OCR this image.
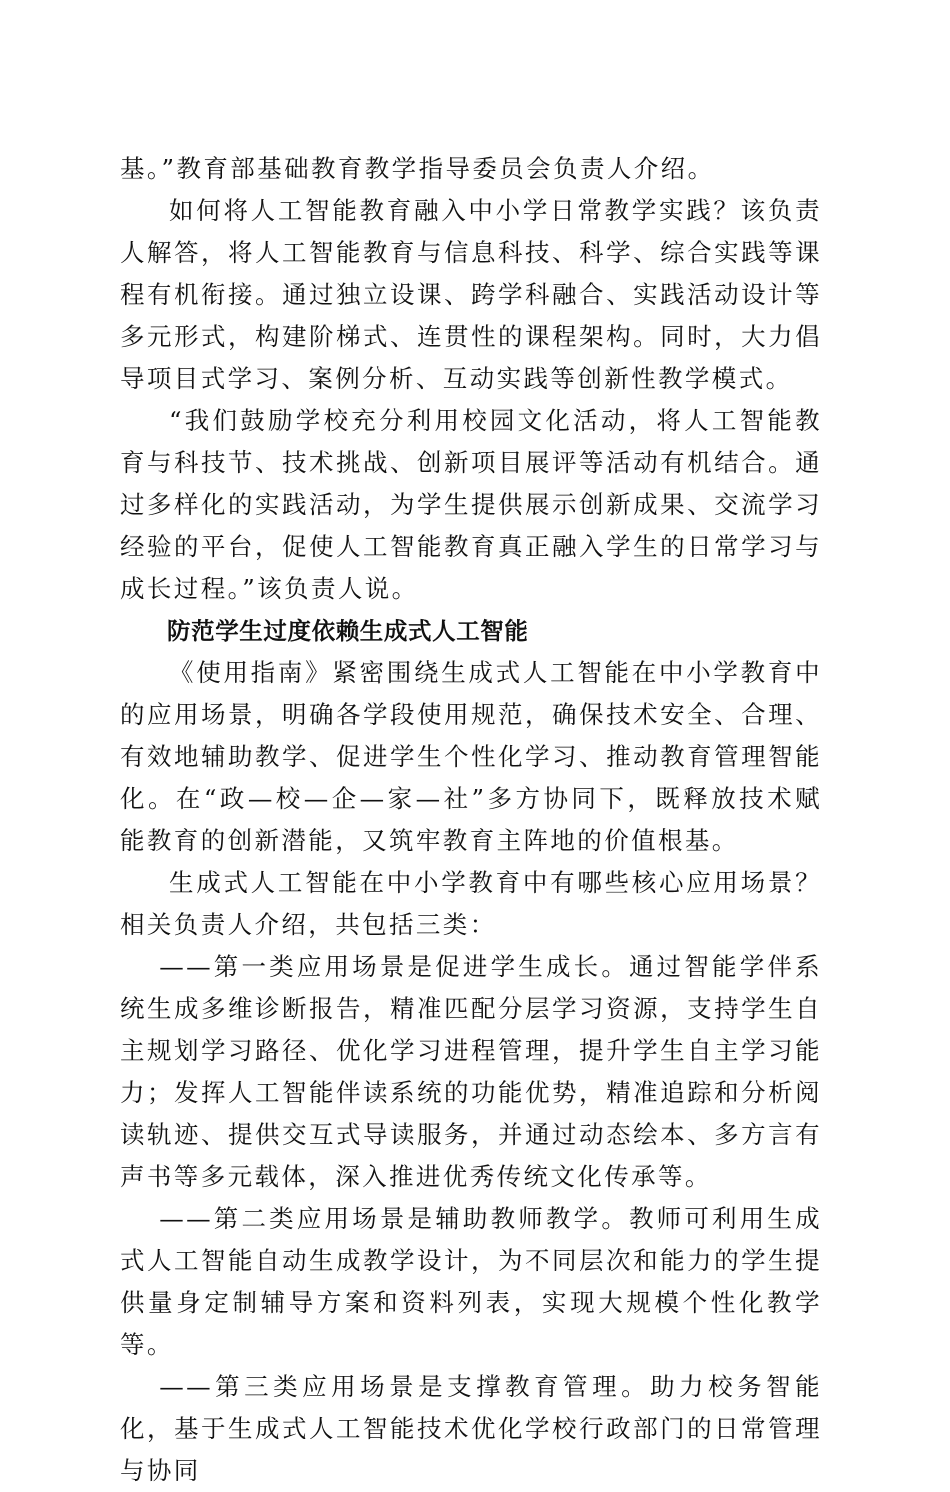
基。”教育部基础教育教学指导委员会负责人介绍。

如何将人工智能教育融入中小学日常教学实践？该负责人解答，将人工智能教育与信息科技、科学、综合实践等课程有机衔接。通过独立设课、跨学科融合、实践活动设计等多元形式，构建阶梯式、连贯性的课程架构。同时，大力倡导项目式学习、案例分析、互动实践等创新性教学模式。

“我们鼓励学校充分利用校园文化活动，将人工智能教育与科技节、技术挑战、创新项目展评等活动有机结合。通过多样化的实践活动，为学生提供展示创新成果、交流学习经验的平台，促使人工智能教育真正融入学生的日常学习与成长过程。”该负责人说。

防范学生过度依赖生成式人工智能

《使用指南》紧密围绕生成式人工智能在中小学教育中的应用场景，明确各学段使用规范，确保技术安全、合理、有效地辅助教学、促进学生个性化学习、推动教育管理智能化。在“政—校—企—家—社”多方协同下，既释放技术赋能教育的创新潜能，又筑牢教育主阵地的价值根基。

生成式人工智能在中小学教育中有哪些核心应用场景？相关负责人介绍，共包括三类：

——第一类应用场景是促进学生成长。通过智能学伴系统生成多维诊断报告，精准匹配分层学习资源，支持学生自主规划学习路径、优化学习进程管理，提升学生自主学习能力；发挥人工智能伴读系统的功能优势，精准追踪和分析阅读轨迹、提供交互式导读服务，并通过动态绘本、多方言有声书等多元载体，深入推进优秀传统文化传承等。

——第二类应用场景是辅助教师教学。教师可利用生成式人工智能自动生成教学设计，为不同层次和能力的学生提供量身定制辅导方案和资料列表，实现大规模个性化教学等。

——第三类应用场景是支撑教育管理。助力校务智能化，基于生成式人工智能技术优化学校行政部门的日常管理与协同
